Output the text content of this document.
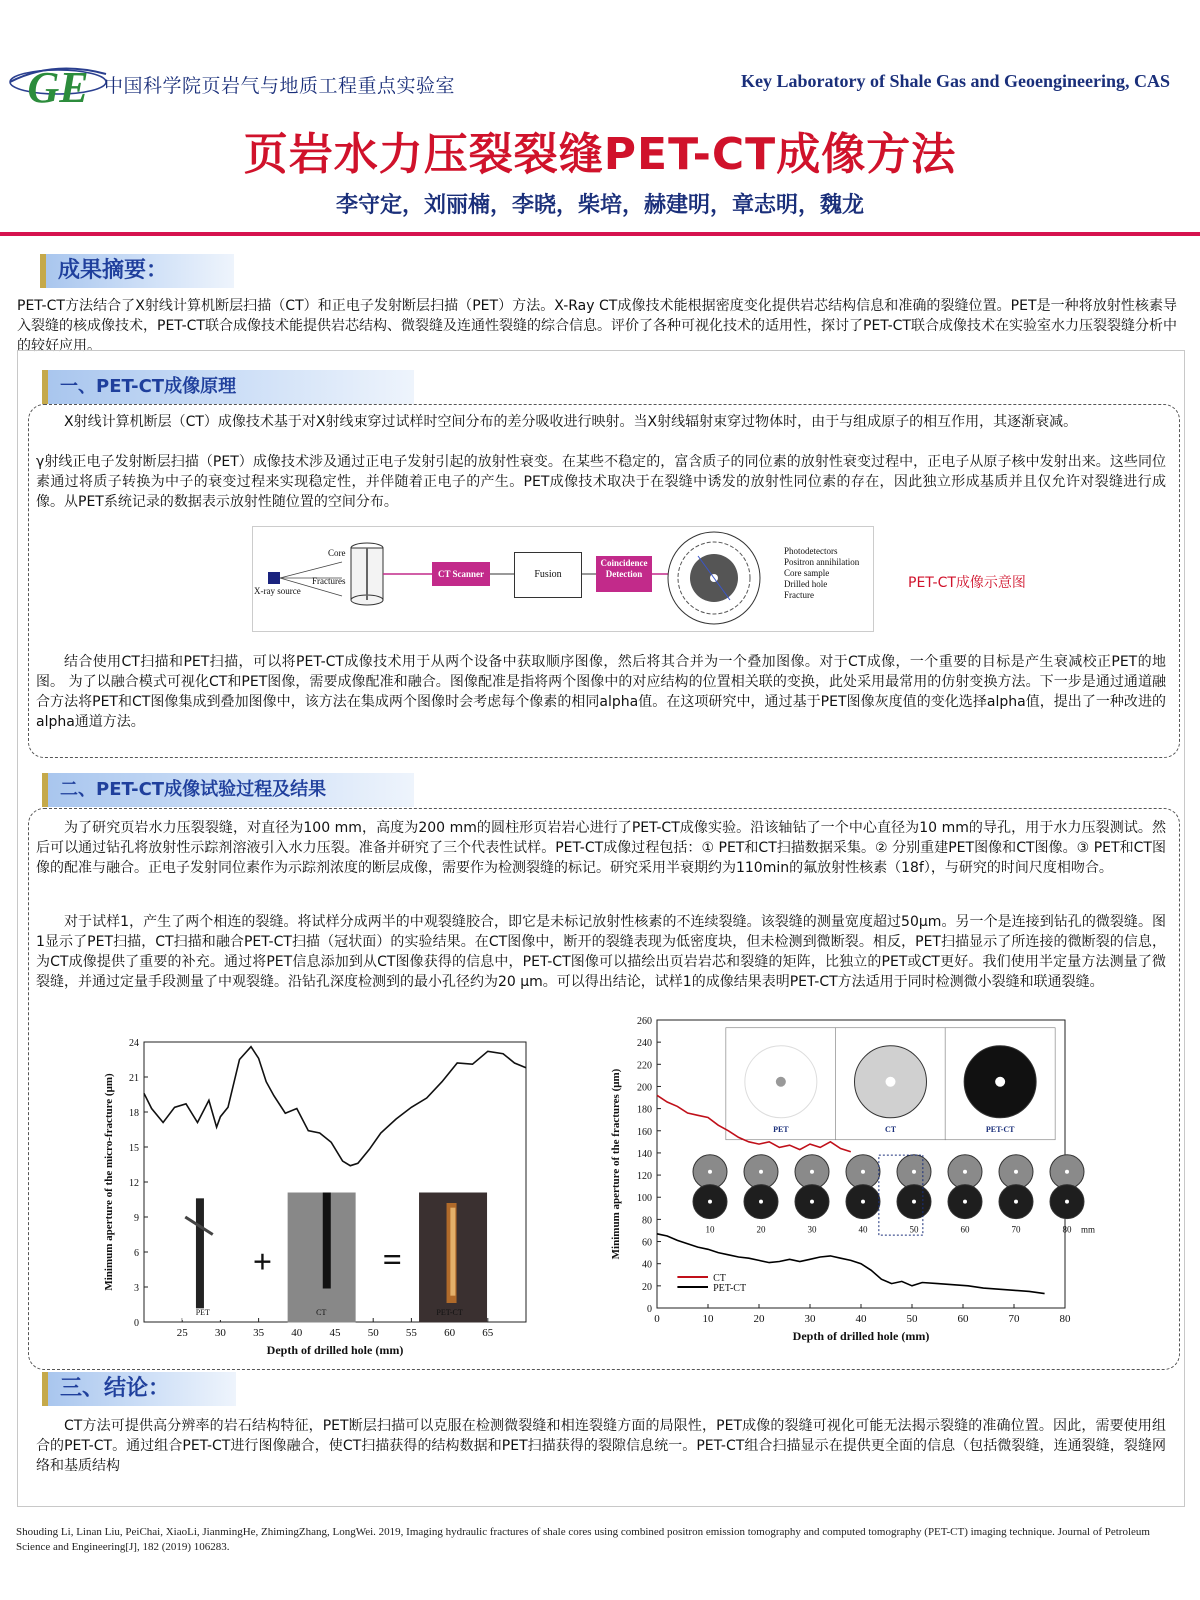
GE 中国科学院页岩气与地质工程重点实验室	Key Laboratory of Shale Gas and Geoengineering, CAS
页岩水力压裂裂缝PET-CT成像方法
李守定，刘丽楠，李晓，柴培，赫建明，章志明，魏龙
成果摘要：
PET-CT方法结合了X射线计算机断层扫描（CT）和正电子发射断层扫描（PET）方法。X-Ray CT成像技术能根据密度变化提供岩芯结构信息和准确的裂缝位置。PET是一种将放射性核素导入裂缝的核成像技术，PET-CT联合成像技术能提供岩芯结构、微裂缝及连通性裂缝的综合信息。评价了各种可视化技术的适用性，探讨了PET-CT联合成像技术在实验室水力压裂裂缝分析中的较好应用。
一、PET-CT成像原理
X射线计算机断层（CT）成像技术基于对X射线束穿过试样时空间分布的差分吸收进行映射。当X射线辐射束穿过物体时，由于与组成原子的相互作用，其逐渐衰减。
γ射线正电子发射断层扫描（PET）成像技术涉及通过正电子发射引起的放射性衰变。在某些不稳定的，富含质子的同位素的放射性衰变过程中，正电子从原子核中发射出来。这些同位素通过将质子转换为中子的衰变过程来实现稳定性，并伴随着正电子的产生。PET成像技术取决于在裂缝中诱发的放射性同位素的存在，因此独立形成基质并且仅允许对裂缝进行成像。从PET系统记录的数据表示放射性随位置的空间分布。
Core
Fractures
X-ray source
CT Scanner	Fusion
Coincidence Detection
Photodetectors
Positron annihilation
Core sample
Drilled hole
Fracture
PET-CT成像示意图
结合使用CT扫描和PET扫描，可以将PET-CT成像技术用于从两个设备中获取顺序图像，然后将其合并为一个叠加图像。对于CT成像，一个重要的目标是产生衰减校正PET的地图。 为了以融合模式可视化CT和PET图像，需要成像配准和融合。图像配准是指将两个图像中的对应结构的位置相关联的变换，此处采用最常用的仿射变换方法。下一步是通过通道融合方法将PET和CT图像集成到叠加图像中，该方法在集成两个图像时会考虑每个像素的相同alpha值。在这项研究中，通过基于PET图像灰度值的变化选择alpha值，提出了一种改进的alpha通道方法。
二、PET-CT成像试验过程及结果
为了研究页岩水力压裂裂缝，对直径为100 mm，高度为200 mm的圆柱形页岩岩心进行了PET-CT成像实验。沿该轴钻了一个中心直径为10 mm的导孔，用于水力压裂测试。然后可以通过钻孔将放射性示踪剂溶液引入水力压裂。准备并研究了三个代表性试样。PET-CT成像过程包括：① PET和CT扫描数据采集。② 分别重建PET图像和CT图像。③ PET和CT图像的配准与融合。正电子发射同位素作为示踪剂浓度的断层成像，需要作为检测裂缝的标记。研究采用半衰期约为110min的氟放射性核素（18f），与研究的时间尺度相吻合。
对于试样1，产生了两个相连的裂缝。将试样分成两半的中观裂缝胶合，即它是未标记放射性核素的不连续裂缝。该裂缝的测量宽度超过50μm。另一个是连接到钻孔的微裂缝。图1显示了PET扫描，CT扫描和融合PET-CT扫描（冠状面）的实验结果。在CT图像中，断开的裂缝表现为低密度块，但未检测到微断裂。相反，PET扫描显示了所连接的微断裂的信息，为CT成像提供了重要的补充。通过将PET信息添加到从CT图像获得的信息中，PET-CT图像可以描绘出页岩岩芯和裂缝的矩阵，比独立的PET或CT更好。我们使用半定量方法测量了微裂缝，并通过定量手段测量了中观裂缝。沿钻孔深度检测到的最小孔径约为20 μm。可以得出结论，试样1的成像结果表明PET-CT方法适用于同时检测微小裂缝和联通裂缝。
25 30 35 40 45 50 55 60 65
0
3
6
9
12
15
18
21
24
Depth of drilled hole (mm)
Minimum aperture of the micro-fracture (μm)
PET
+
CT
=
PET-CT
0	10	20	30	40	50	60	70	80
0
20
40
60
80
100
120
140
160
180
200
220
240
260
Depth of drilled hole (mm)
Minimum aperture of the fractures (μm)	PET	CT	PET-CT
10	20	30	40	50	60	70	80 mm
CT
PET-CT
三、结论：
CT方法可提供高分辨率的岩石结构特征，PET断层扫描可以克服在检测微裂缝和相连裂缝方面的局限性，PET成像的裂缝可视化可能无法揭示裂缝的准确位置。因此，需要使用组合的PET-CT。通过组合PET-CT进行图像融合，使CT扫描获得的结构数据和PET扫描获得的裂隙信息统一。PET-CT组合扫描显示在提供更全面的信息（包括微裂缝，连通裂缝，裂缝网络和基质结构
Shouding Li, Linan Liu, PeiChai, XiaoLi, JianmingHe, ZhimingZhang, LongWei. 2019, Imaging hydraulic fractures of shale cores using combined positron emission tomography and computed tomography (PET-CT) imaging technique. Journal of Petroleum Science and Engineering[J], 182 (2019) 106283.
